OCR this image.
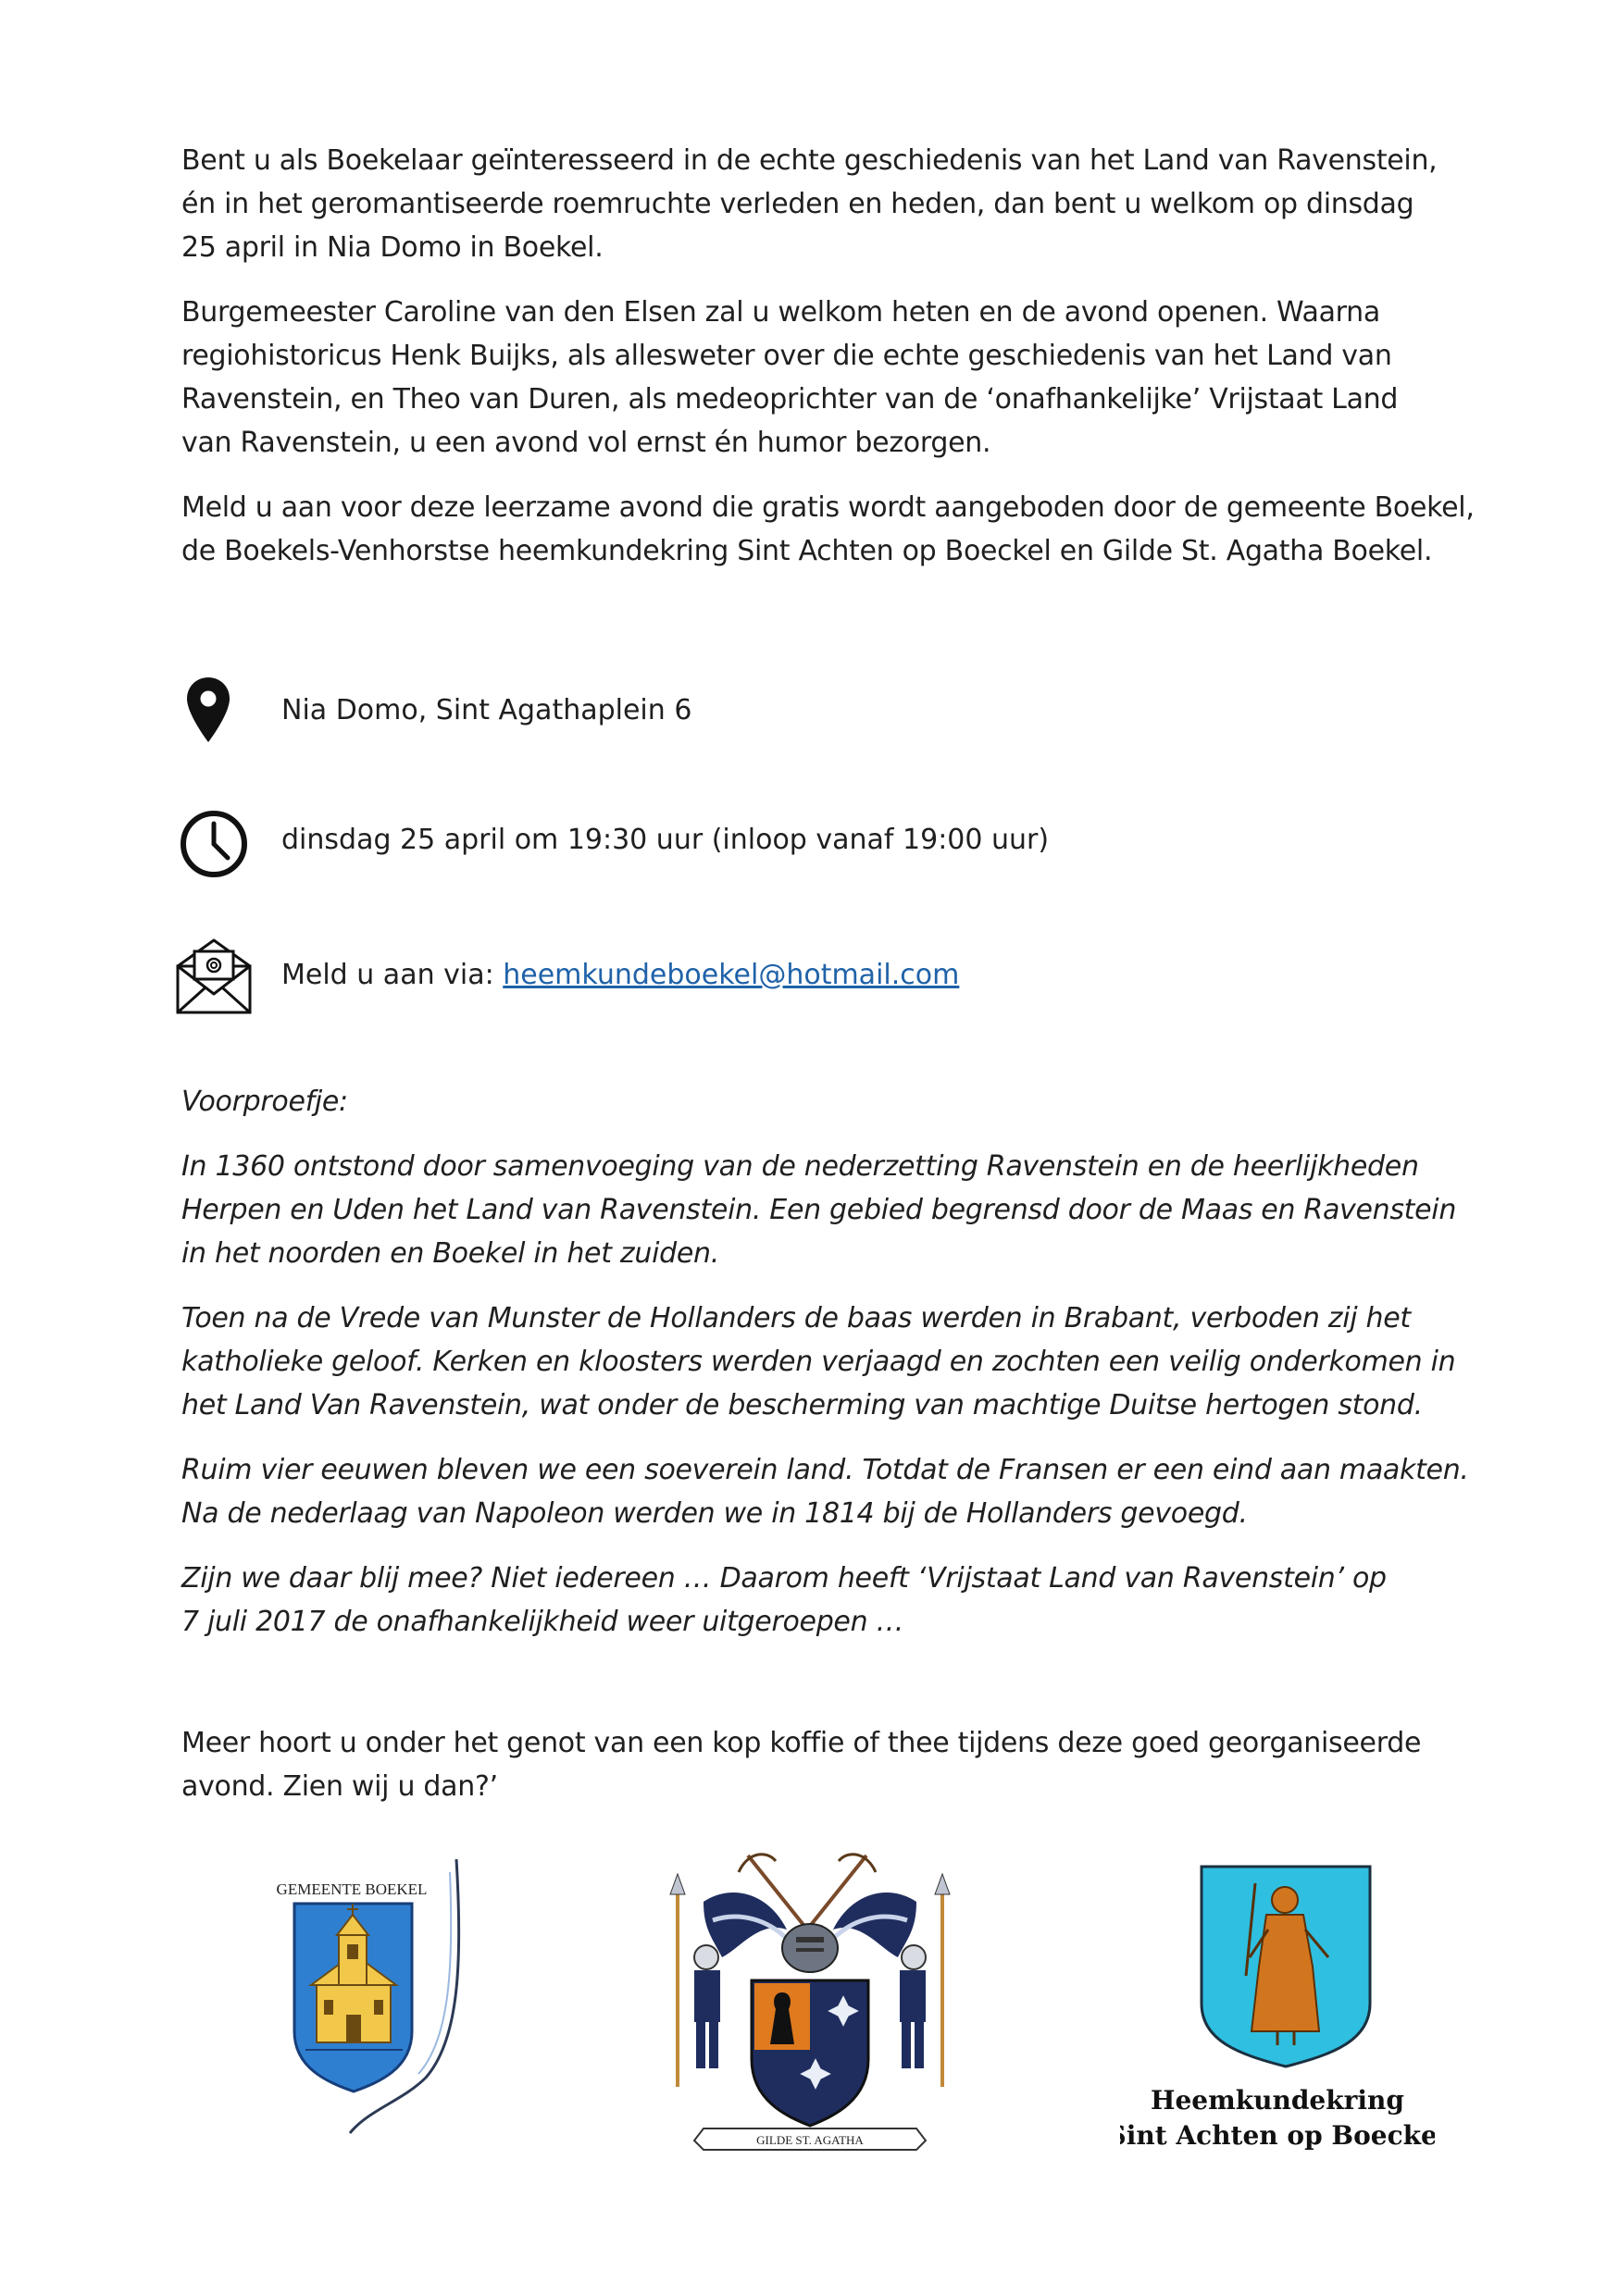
Bent u als Boekelaar geïnteresseerd in de echte geschiedenis van het Land van Ravenstein,
én in het geromantiseerde roemruchte verleden en heden, dan bent u welkom op dinsdag
25 april in Nia Domo in Boekel.

Burgemeester Caroline van den Elsen zal u welkom heten en de avond openen. Waarna
regiohistoricus Henk Buijks, als allesweter over die echte geschiedenis van het Land van
Ravenstein, en Theo van Duren, als medeoprichter van de ‘onafhankelijke’ Vrijstaat Land
van Ravenstein, u een avond vol ernst én humor bezorgen.

Meld u aan voor deze leerzame avond die gratis wordt aangeboden door de gemeente Boekel,
de Boekels-Venhorstse heemkundekring Sint Achten op Boeckel en Gilde St. Agatha Boekel.

Nia Domo, Sint Agathaplein 6
dinsdag 25 april om 19:30 uur (inloop vanaf 19:00 uur)
Meld u aan via: heemkundeboekel@hotmail.com

Voorproefje:

In 1360 ontstond door samenvoeging van de nederzetting Ravenstein en de heerlijkheden
Herpen en Uden het Land van Ravenstein. Een gebied begrensd door de Maas en Ravenstein
in het noorden en Boekel in het zuiden.

Toen na de Vrede van Munster de Hollanders de baas werden in Brabant, verboden zij het
katholieke geloof. Kerken en kloosters werden verjaagd en zochten een veilig onderkomen in
het Land Van Ravenstein, wat onder de bescherming van machtige Duitse hertogen stond.

Ruim vier eeuwen bleven we een soeverein land. Totdat de Fransen er een eind aan maakten.
Na de nederlaag van Napoleon werden we in 1814 bij de Hollanders gevoegd.

Zijn we daar blij mee? Niet iedereen … Daarom heeft ‘Vrijstaat Land van Ravenstein’ op
7 juli 2017 de onafhankelijkheid weer uitgeroepen …

Meer hoort u onder het genot van een kop koffie of thee tijdens deze goed georganiseerde
avond. Zien wij u dan?’

GEMEENTE BOEKEL
GILDE ST. AGATHA
Heemkundekring
Sint Achten op Boeckel
